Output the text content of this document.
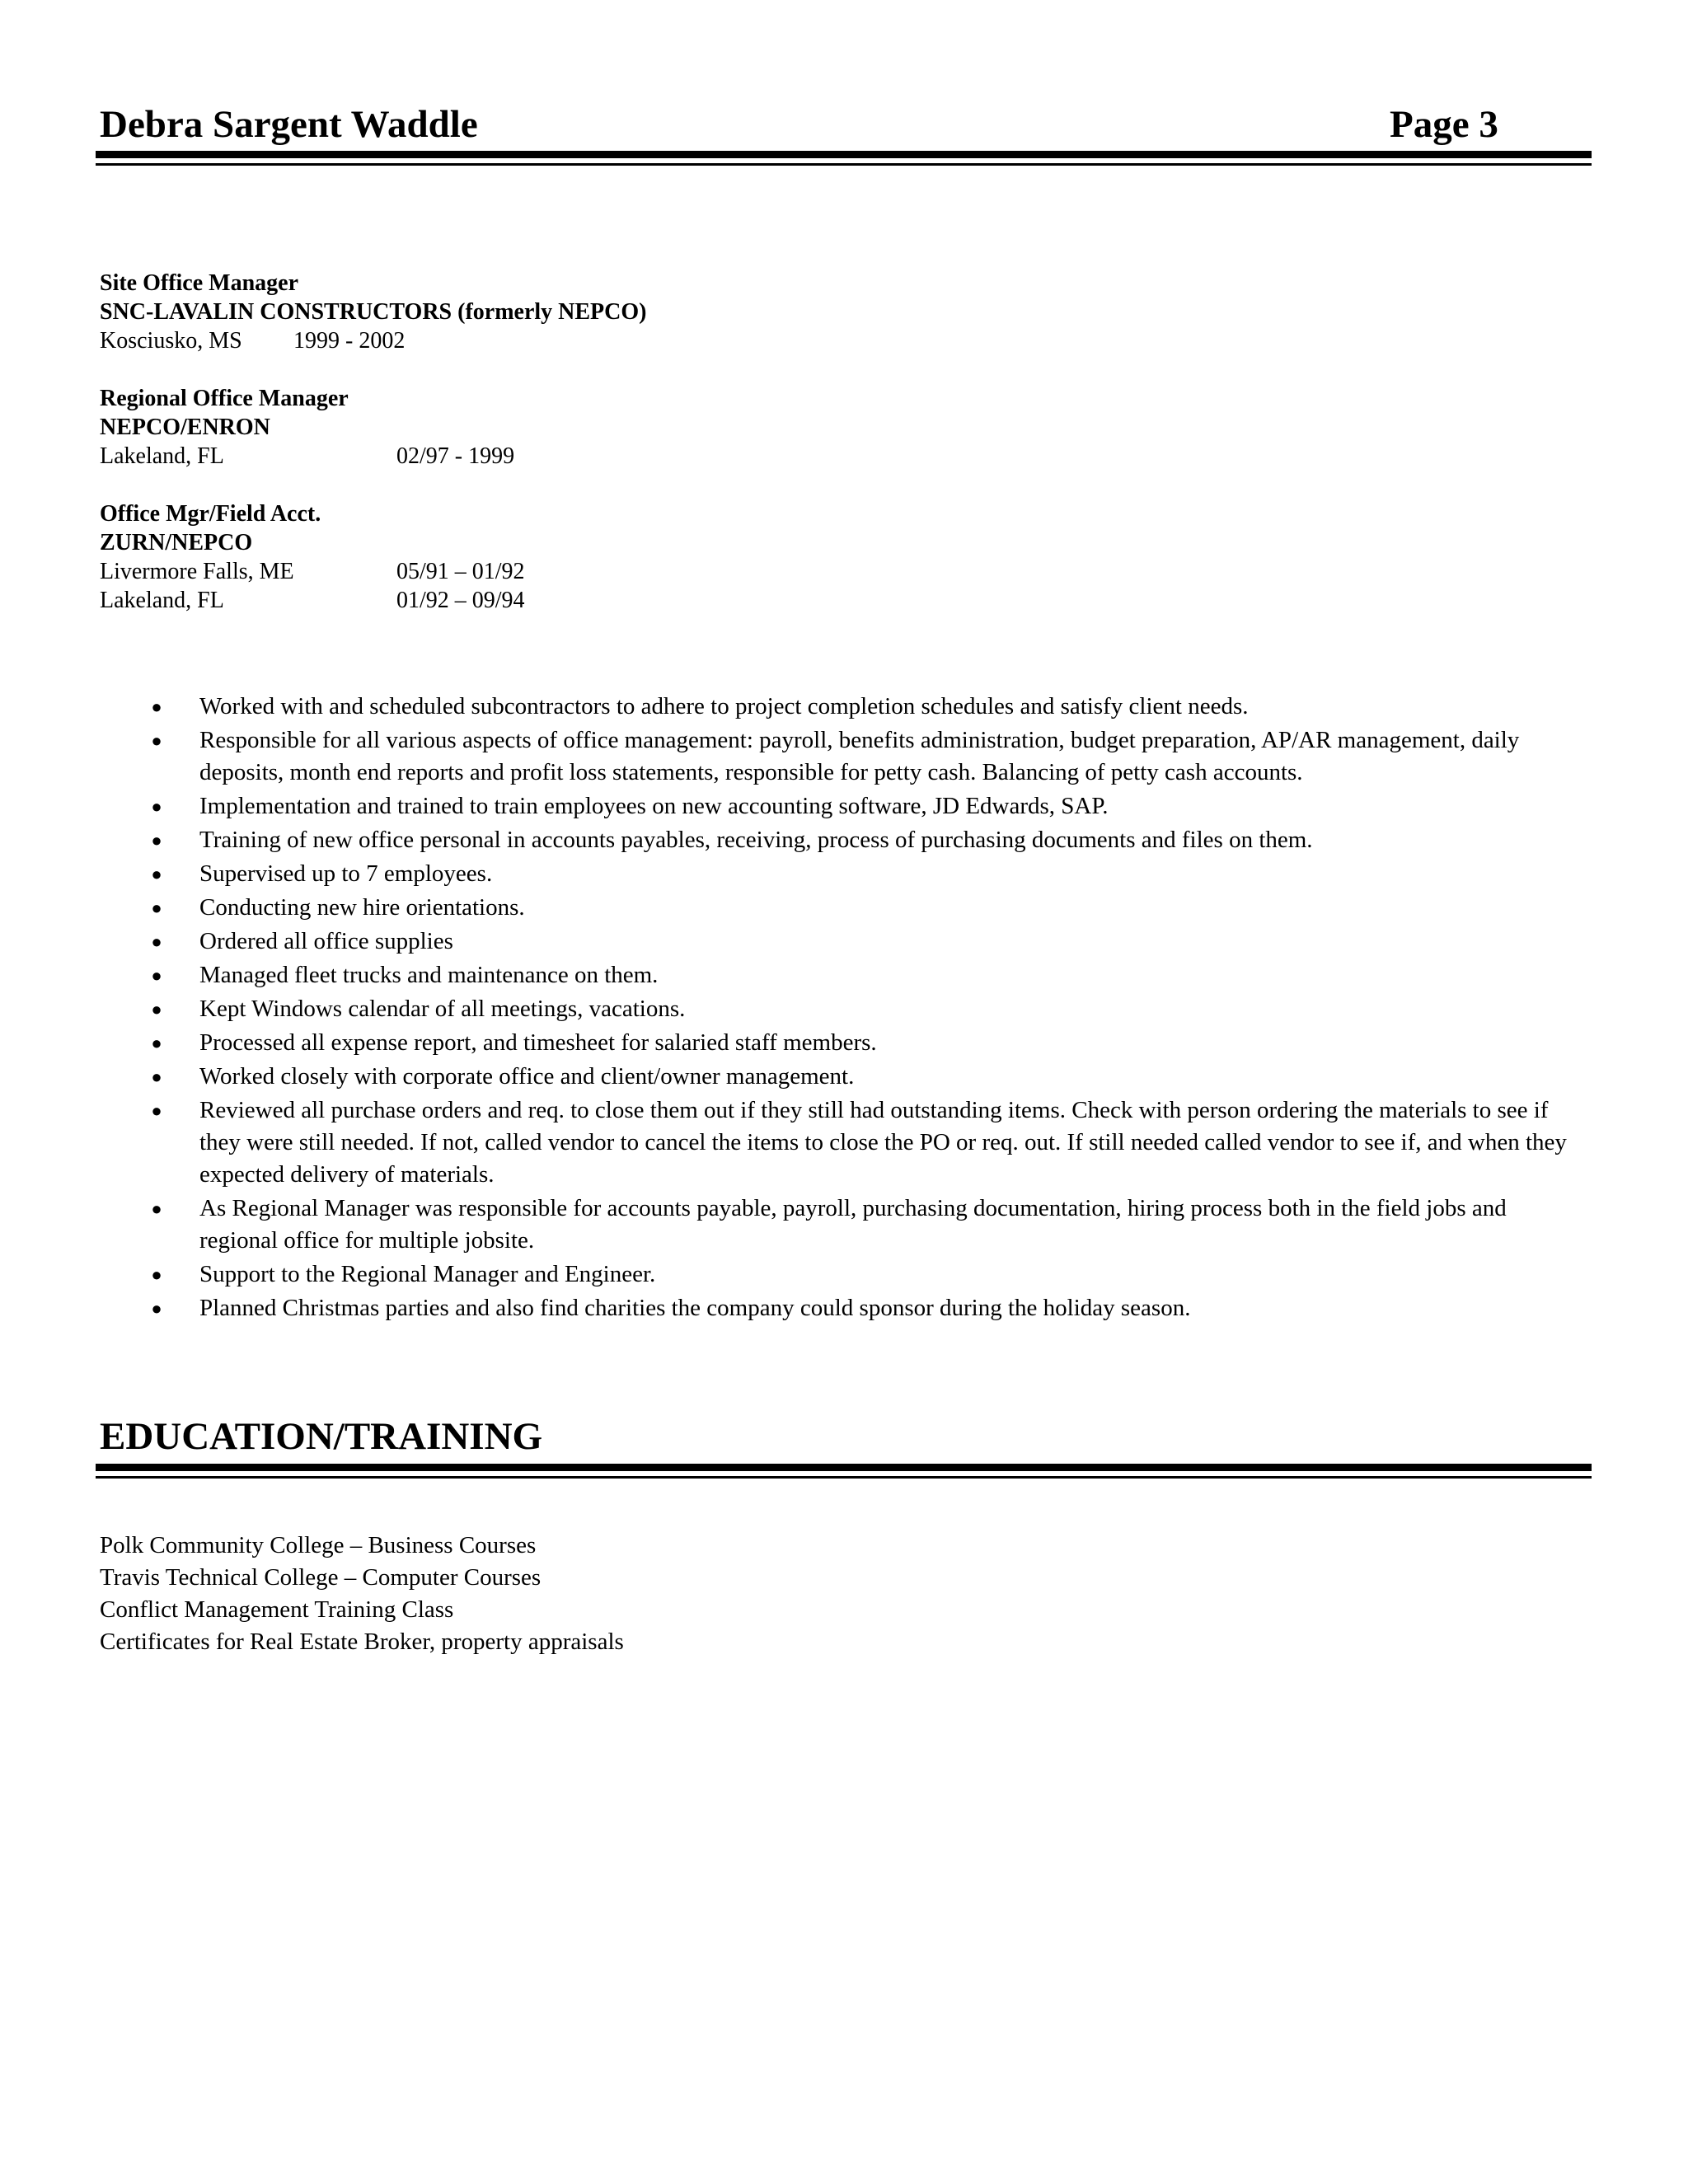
Debra Sargent Waddle	Page 3
Site Office Manager
SNC-LAVALIN CONSTRUCTORS (formerly NEPCO)
Kosciusko, MS	1999 - 2002
Regional Office Manager
NEPCO/ENRON
Lakeland, FL	02/97 - 1999
Office Mgr/Field Acct.
ZURN/NEPCO
Livermore Falls, ME	05/91 – 01/92
Lakeland, FL	01/92 – 09/94
● Worked with and scheduled subcontractors to adhere to project completion schedules and satisfy client needs.
● Responsible for all various aspects of office management: payroll, benefits administration, budget preparation, AP/AR management, daily deposits, month end reports and profit loss statements, responsible for petty cash. Balancing of petty cash accounts.
● Implementation and trained to train employees on new accounting software, JD Edwards, SAP.
● Training of new office personal in accounts payables, receiving, process of purchasing documents and files on them.
● Supervised up to 7 employees.
● Conducting new hire orientations.
● Ordered all office supplies
● Managed fleet trucks and maintenance on them.
● Kept Windows calendar of all meetings, vacations.
● Processed all expense report, and timesheet for salaried staff members.
● Worked closely with corporate office and client/owner management.
● Reviewed all purchase orders and req. to close them out if they still had outstanding items. Check with person ordering the materials to see if they were still needed. If not, called vendor to cancel the items to close the PO or req. out. If still needed called vendor to see if, and when they expected delivery of materials.
● As Regional Manager was responsible for accounts payable, payroll, purchasing documentation, hiring process both in the field jobs and regional office for multiple jobsite.
● Support to the Regional Manager and Engineer.
● Planned Christmas parties and also find charities the company could sponsor during the holiday season.
EDUCATION/TRAINING
Polk Community College – Business Courses
Travis Technical College – Computer Courses
Conflict Management Training Class
Certificates for Real Estate Broker, property appraisals
